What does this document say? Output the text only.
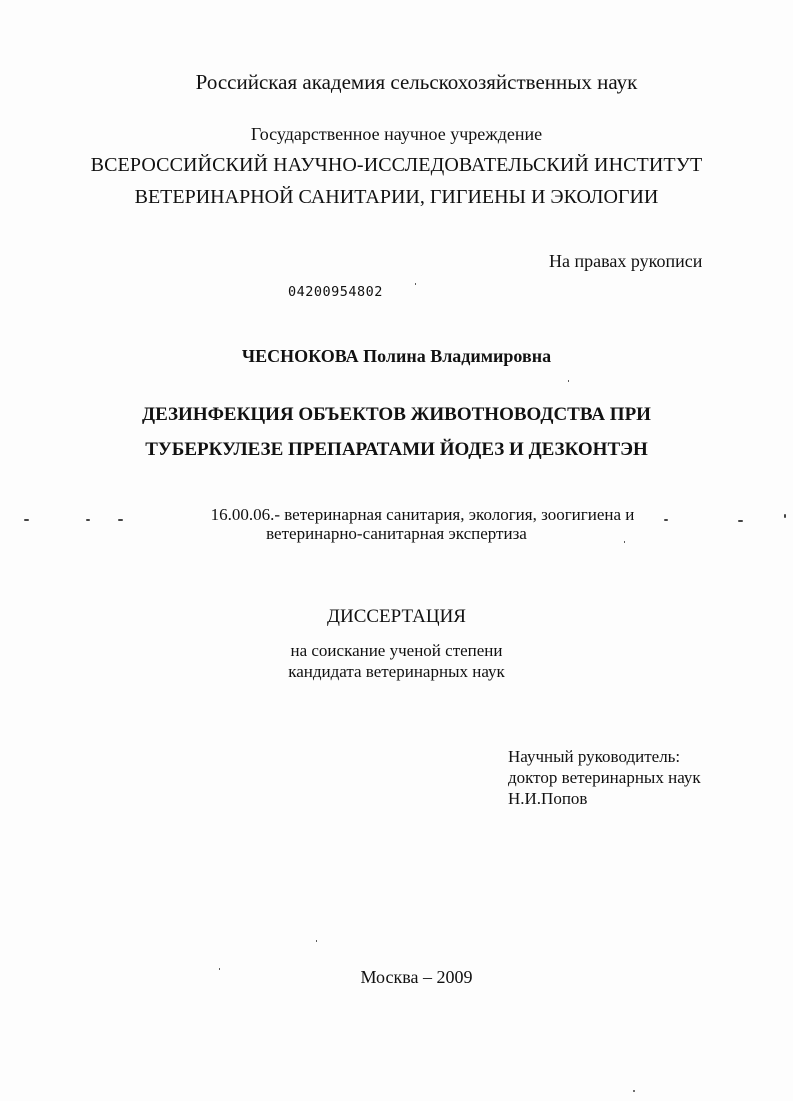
Российская академия сельскохозяйственных наук
Государственное научное учреждение
ВСЕРОССИЙСКИЙ НАУЧНО-ИССЛЕДОВАТЕЛЬСКИЙ ИНСТИТУТ
ВЕТЕРИНАРНОЙ САНИТАРИИ, ГИГИЕНЫ И ЭКОЛОГИИ
На правах рукописи
04200954802
ЧЕСНОКОВА Полина Владимировна
ДЕЗИНФЕКЦИЯ ОБЪЕКТОВ ЖИВОТНОВОДСТВА ПРИ
ТУБЕРКУЛЕЗЕ ПРЕПАРАТАМИ ЙОДЕЗ И ДЕЗКОНТЭН
16.00.06.- ветеринарная санитария, экология, зоогигиена и
ветеринарно-санитарная экспертиза
ДИССЕРТАЦИЯ
на соискание ученой степени
кандидата ветеринарных наук
Научный руководитель:
доктор ветеринарных наук
Н.И.Попов
Москва – 2009
